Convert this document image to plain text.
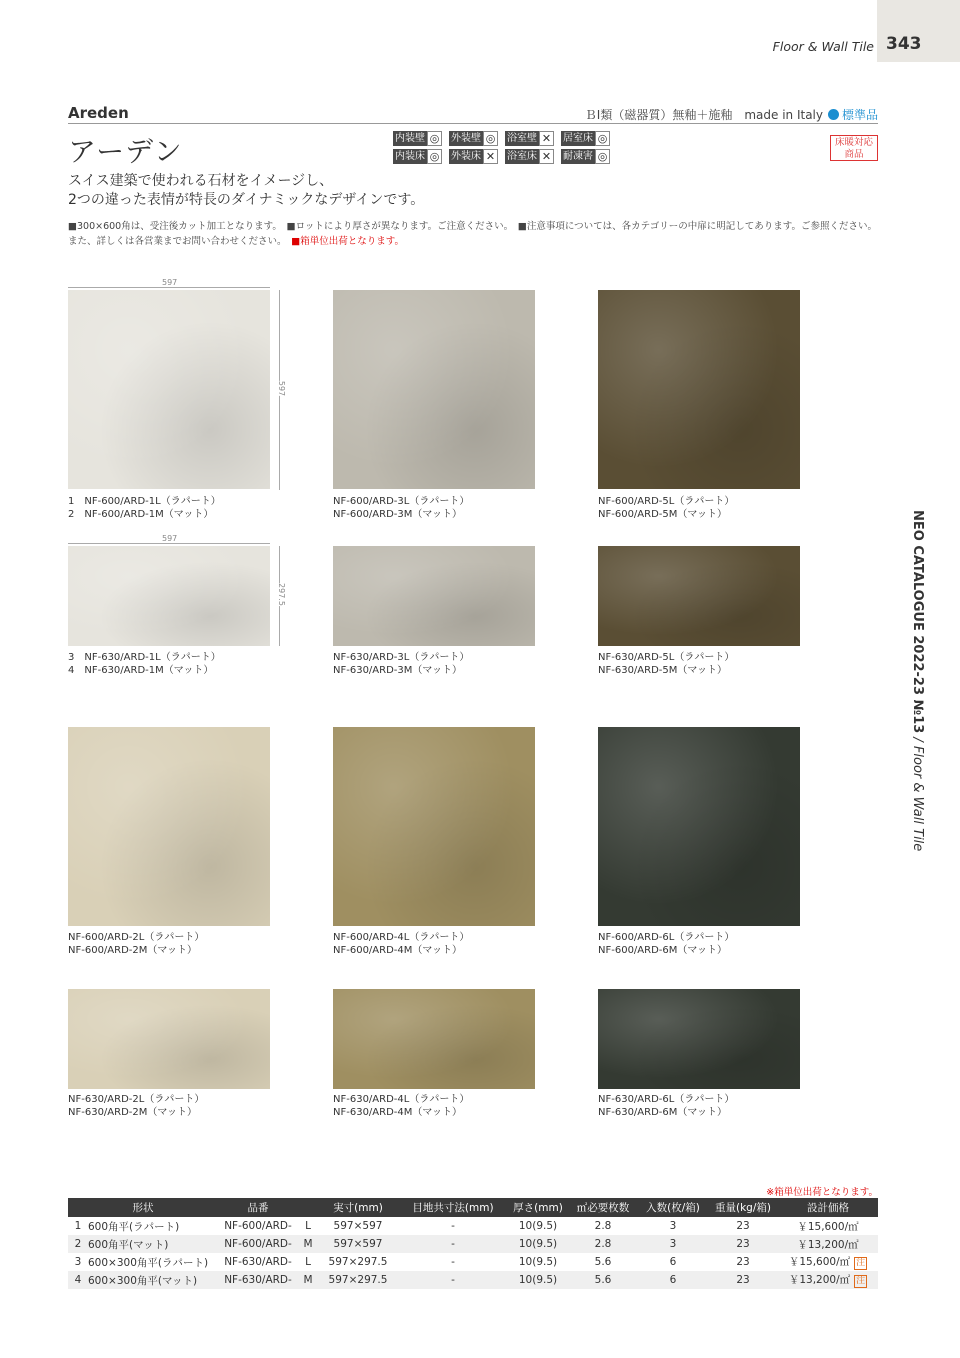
343
Floor & Wall Tile
Areden	ＢⅠ類（磁器質）無釉＋施釉　made in Italy 標準品
アーデン	内装壁 ◎ 外装壁 ◎ 浴室壁 ✕ 居室床 ◎
内装床 ◎ 外装床 ✕ 浴室床 ✕ 耐凍害 ◎
床暖対応
商品
スイス建築で使われる石材をイメージし、
2つの違った表情が特長のダイナミックなデザインです。
■300×600角は、受注後カット加工となります。　■ロットにより厚さが異なります。ご注意ください。　■注意事項については、各カテゴリーの中扉に明記してあります。ご参照ください。
また、詳しくは各営業までお問い合わせください。　 ■箱単位出荷となります。
597
597
597
297.5
1　NF-600/ARD-1L（ラパート）
2　NF-600/ARD-1M（マット）
NF-600/ARD-3L（ラパート）
NF-600/ARD-3M（マット）
NF-600/ARD-5L（ラパート）
NF-600/ARD-5M（マット）
3　NF-630/ARD-1L（ラパート）
4　NF-630/ARD-1M（マット）
NF-630/ARD-3L（ラパート）
NF-630/ARD-3M（マット）
NF-630/ARD-5L（ラパート）
NF-630/ARD-5M（マット）
NF-600/ARD-2L（ラパート）
NF-600/ARD-2M（マット）
NF-600/ARD-4L（ラパート）
NF-600/ARD-4M（マット）
NF-600/ARD-6L（ラパート）
NF-600/ARD-6M（マット）
NF-630/ARD-2L（ラパート）
NF-630/ARD-2M（マット）
NF-630/ARD-4L（ラパート）
NF-630/ARD-4M（マット）
NF-630/ARD-6L（ラパート）
NF-630/ARD-6M（マット）
※箱単位出荷となります。
形状		品番		実寸(mm)	目地共寸法(mm)	厚さ(mm)	㎡必要枚数	入数(枚/箱)	重量(kg/箱)	設計価格
1	600角平(ラパート)	NF-600/ARD-	L	597×597	-	10(9.5)	2.8	3	23	￥15,600/㎡
2	600角平(マット)	NF-600/ARD-	M	597×597	-	10(9.5)	2.8	3	23	￥13,200/㎡
3	600×300角平(ラパート)	NF-630/ARD-	L	597×297.5	-	10(9.5)	5.6	6	23	￥15,600/㎡ 注
4	600×300角平(マット)	NF-630/ARD-	M	597×297.5	-	10(9.5)	5.6	6	23	￥13,200/㎡ 注
NEO CATALOGUE 2022-23 №13 / Floor & Wall Tile
